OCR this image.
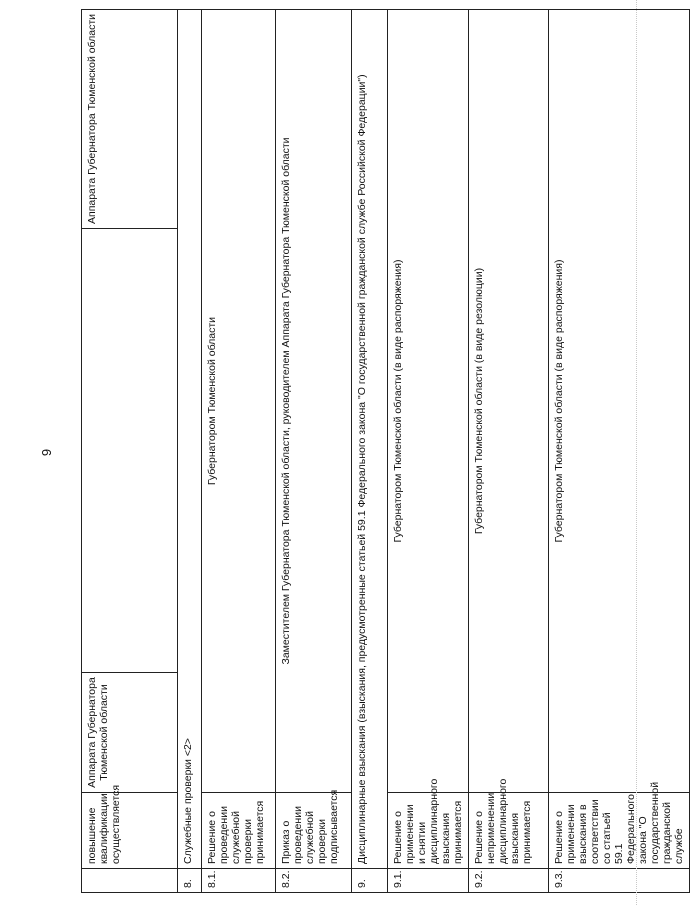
9
	повышение квалификации осуществляется	Аппарата Губернатора Тюменской области		Аппарата Губернатора Тюменской области
8.	Служебные проверки <2>			
8.1.	Решение о проведении служебной проверки принимается	Губернатором Тюменской области		
8.2.	Приказ о проведении служебной проверки подписывается	Заместителем Губернатора Тюменской области, руководителем Аппарата Губернатора Тюменской области		
9.	Дисциплинарные взыскания (взыскания, предусмотренные статьей 59.1 Федерального закона "О государственной гражданской службе Российской Федерации")			
9.1.	Решение о применении и снятии дисциплинарного взыскания принимается	Губернатором Тюменской области (в виде распоряжения)		
9.2.	Решение о неприменении дисциплинарного взыскания принимается	Губернатором Тюменской области (в виде резолюции)		
9.3.	Решение о применении взыскания в соответствии со статьей 59.1 Федерального закона "О государственной гражданской службе	Губернатором Тюменской области (в виде распоряжения)		
